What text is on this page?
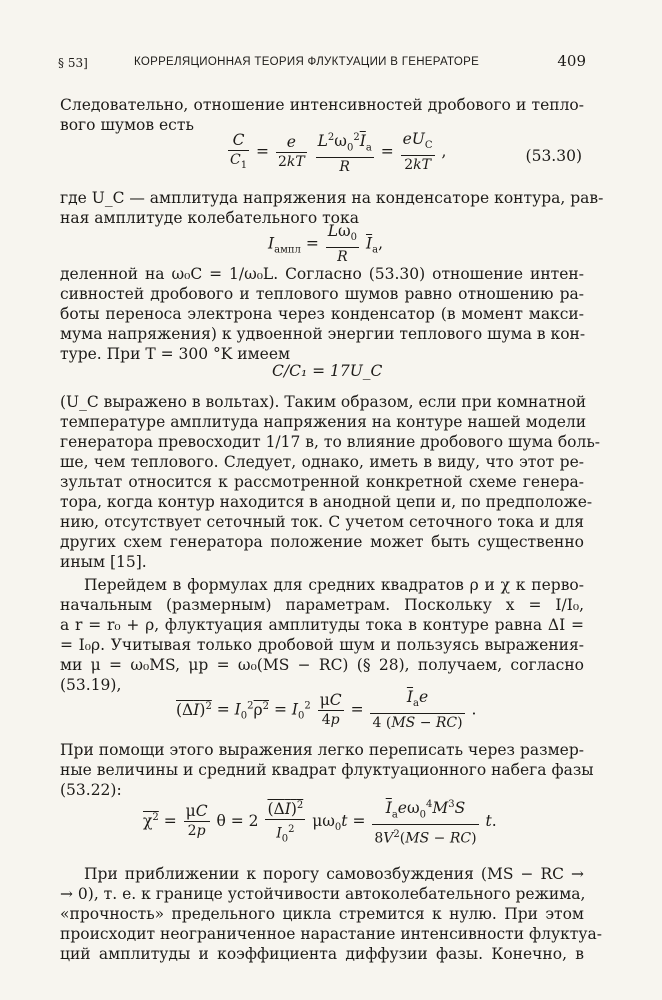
§ 53]	КОРРЕЛЯЦИОННАЯ ТЕОРИЯ ФЛУКТУАЦИИ В ГЕНЕРАТОРЕ	409
Следовательно, отношение интенсивностей дробового и тепло-
вого шумов есть
$\frac{C}{C_1} = \frac{e}{2kT}$
$\frac{L^2\omega_0^2\overline{I}_a}{R} = \frac{eU_C}{2kT}$ ,	(53.30)
где U_C — амплитуда напряжения на конденсаторе контура, рав-
ная амплитуде колебательного тока
$I_{ампл} = \frac{L\omega_0}{R} \overline{I}_a$,
деленной на ω₀C = 1/ω₀L. Согласно (53.30) отношение интен-
сивностей дробового и теплового шумов равно отношению ра-
боты переноса электрона через конденсатор (в момент макси-
мума напряжения) к удвоенной энергии теплового шума в кон-
туре. При T = 300 °K имеем
C/C₁ = 17U_C
(U_C выражено в вольтах). Таким образом, если при комнатной
температуре амплитуда напряжения на контуре нашей модели
генератора превосходит 1/17 в, то влияние дробового шума боль-
ше, чем теплового. Следует, однако, иметь в виду, что этот ре-
зультат относится к рассмотренной конкретной схеме генера-
тора, когда контур находится в анодной цепи и, по предположе-
нию, отсутствует сеточный ток. С учетом сеточного тока и для
других схем генератора положение может быть существенно
иным [15].
Перейдем в формулах для средних квадратов ρ и χ к перво-
начальным (размерным) параметрам. Поскольку x = I/I₀,
а r = r₀ + ρ, флуктуация амплитуды тока в контуре равна ΔI =
= I₀ρ. Учитывая только дробовой шум и пользуясь выражения-
ми μ = ω₀MS, μp = ω₀(MS − RC) (§ 28), получаем, согласно
(53.19),
$(\Delta I)^2 = I_0^2\rho^2 = I_0^2 \frac{\mu C}{4p} = \frac{\overline{I}_ae}{4 (MS - RC)}$ .
При помощи этого выражения легко переписать через размер-
ные величины и средний квадрат флуктуационного набега фазы
(53.22):
$\chi^2 = \frac{\mu C}{2p}$ $\theta = 2 \frac{(\Delta I)^2}{I_0^2} \mu\omega_0t = \frac{\overline{I}_ae\omega_0^4M^3S}{8V^2(MS - RC)} t$.
При приближении к порогу самовозбуждения (MS − RC →
→ 0), т. е. к границе устойчивости автоколебательного режима,
«прочность» предельного цикла стремится к нулю. При этом
происходит неограниченное нарастание интенсивности флуктуа-
ций амплитуды и коэффициента диффузии фазы. Конечно, в
